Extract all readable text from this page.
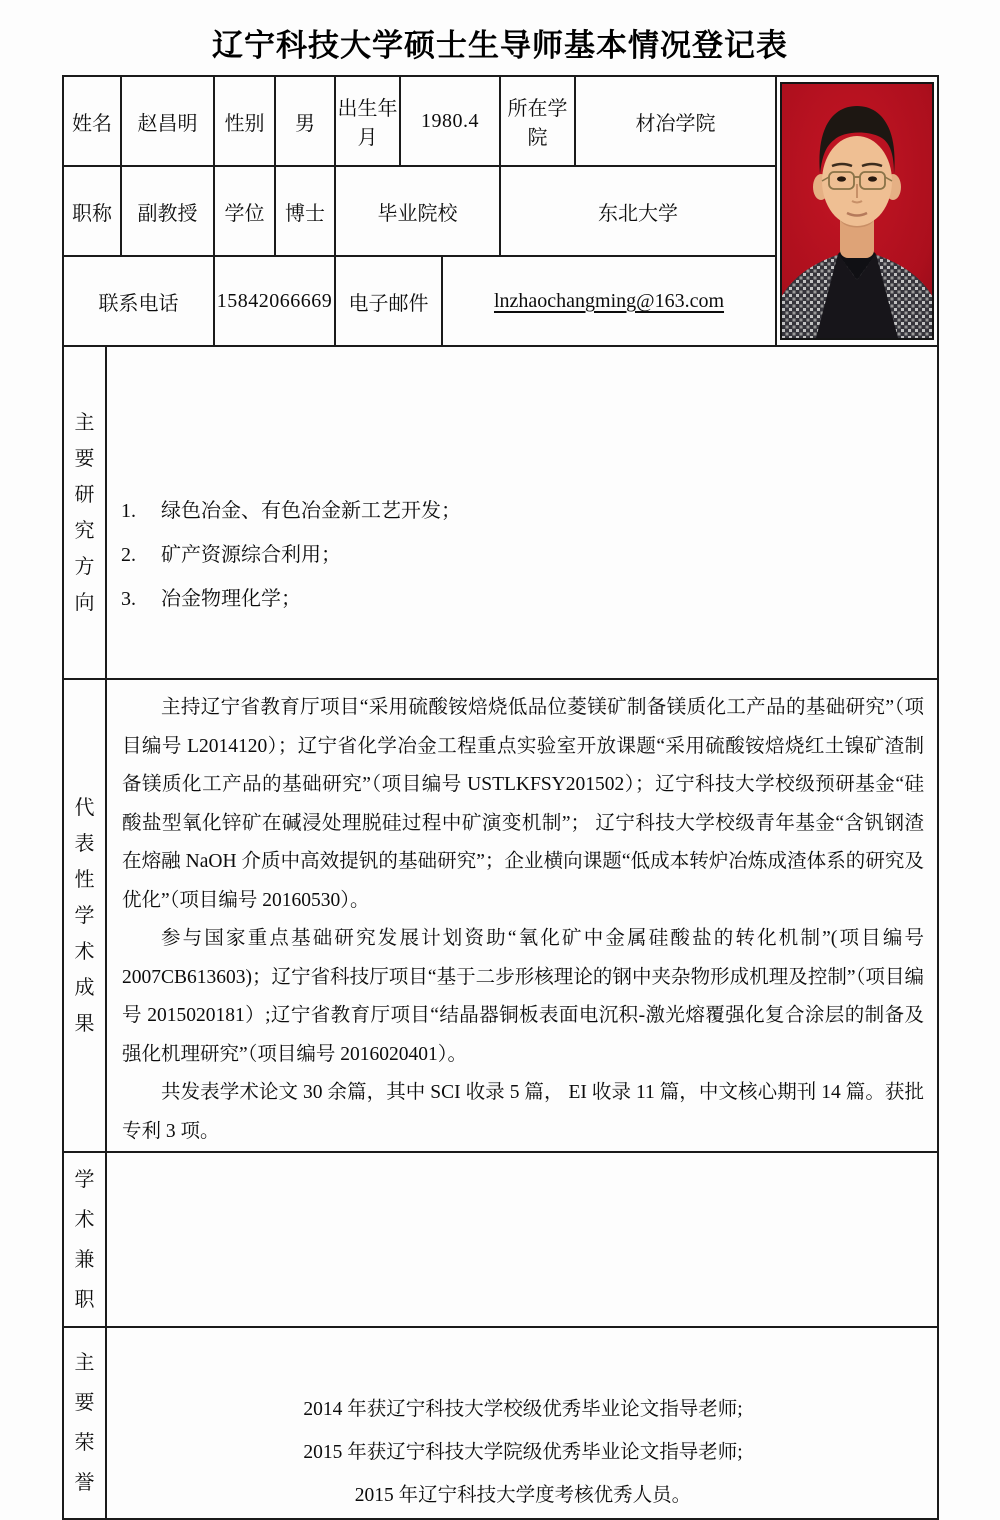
辽宁科技大学硕士生导师基本情况登记表
姓名		赵昌明	性别	男	出生年月	1980.4		所在学院	材冶学院	

职称		副教授	学位	博士	毕业院校			东北大学		
联系电话			15842066669		电子邮件		lnzhaochangming@163.com			

主要研究方向

1.	绿色冶金、有色冶金新工艺开发；
2.	矿产资源综合利用；
3.	冶金物理化学；

代表性学术成果	主持辽宁省教育厅项目“采用硫酸铵焙烧低品位菱镁矿制备镁质化工产品的基础研究”（项目编号 L2014120）；辽宁省化学冶金工程重点实验室开放课题“采用硫酸铵焙烧红土镍矿渣制备镁质化工产品的基础研究”（项目编号 USTLKFSY201502）；辽宁科技大学校级预研基金“硅酸盐型氧化锌矿在碱浸处理脱硅过程中矿演变机制”； 辽宁科技大学校级青年基金“含钒钢渣在熔融 NaOH 介质中高效提钒的基础研究”；企业横向课题“低成本转炉冶炼成渣体系的研究及优化”（项目编号 20160530）。

参与国家重点基础研究发展计划资助“氧化矿中金属硅酸盐的转化机制”(项目编号 2007CB613603)；辽宁省科技厅项目“基于二步形核理论的钢中夹杂物形成机理及控制”（项目编号 2015020181）;辽宁省教育厅项目“结晶器铜板表面电沉积-激光熔覆强化复合涂层的制备及强化机理研究”（项目编号 2016020401）。

共发表学术论文 30 余篇，其中 SCI 收录 5 篇， EI 收录 11 篇，中文核心期刊 14 篇。获批专利 3 项。									

学术兼职										

主要荣誉	2014 年获辽宁科技大学校级优秀毕业论文指导老师;
2015 年获辽宁科技大学院级优秀毕业论文指导老师;
2015 年辽宁科技大学度考核优秀人员。									
